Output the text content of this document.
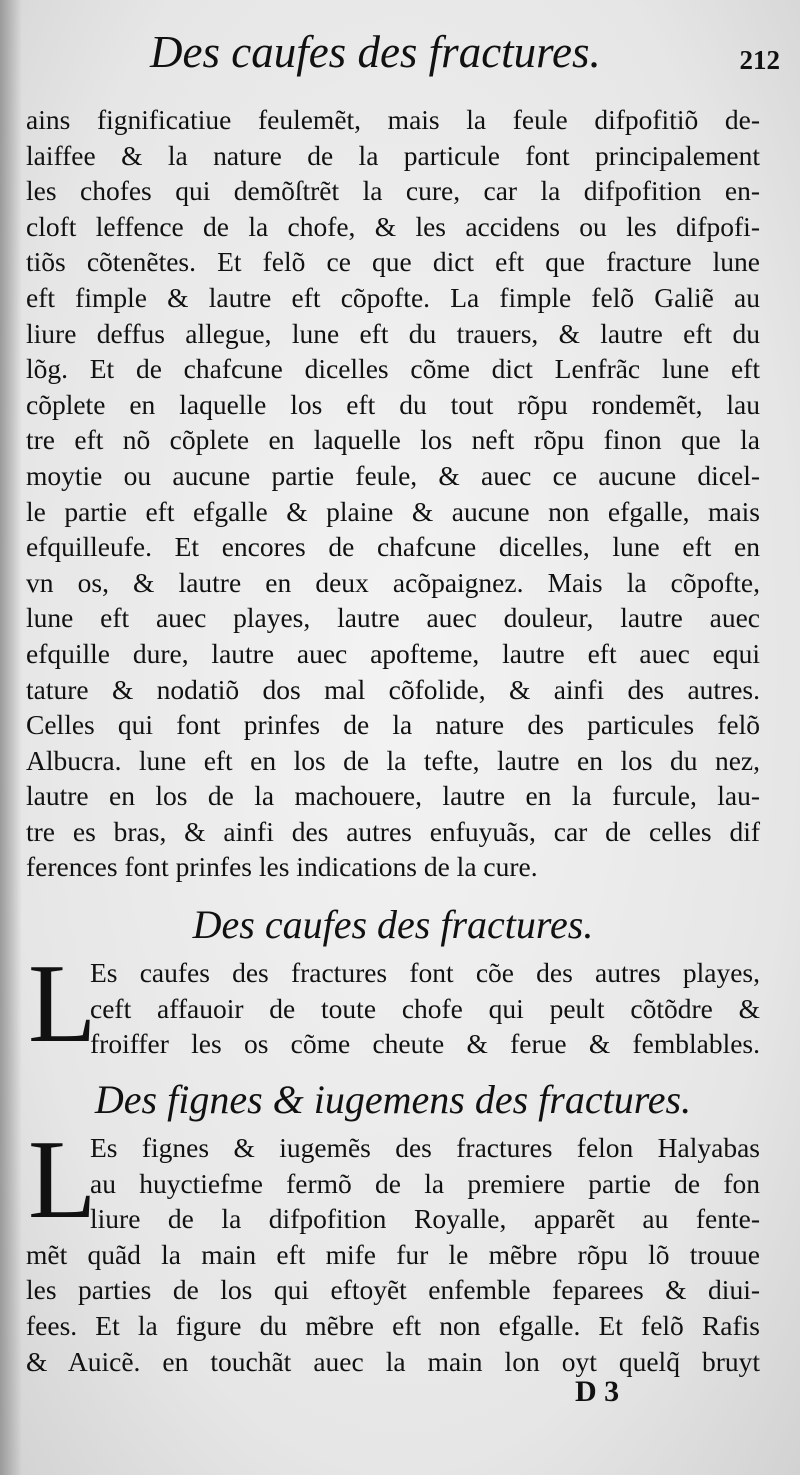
Des caufes des fractures.	212
ains fignificatiue feulemẽt, mais la feule difpofitiõ de-
laiffee & la nature de la particule font principalement
les chofes qui demõſtrẽt la cure, car la difpofition en-
cloft leffence de la chofe, & les accidens ou les difpofi-
tiõs cõtenẽtes. Et felõ ce que dict eft que fracture lune
eft fimple & lautre eft cõpofte. La fimple felõ Galiẽ au
liure deffus allegue, lune eft du trauers, & lautre eft du
lõg. Et de chafcune dicelles cõme dict Lenfrãc lune eft
cõplete en laquelle los eft du tout rõpu rondemẽt, lau
tre eft nõ cõplete en laquelle los neft rõpu finon que la
moytie ou aucune partie feule, & auec ce aucune dicel-
le partie eft efgalle & plaine & aucune non efgalle, mais
efquilleufe. Et encores de chafcune dicelles, lune eft en
vn os, & lautre en deux acõpaignez. Mais la cõpofte,
lune eft auec playes, lautre auec douleur, lautre auec
efquille dure, lautre auec apofteme, lautre eft auec equi
tature & nodatiõ dos mal cõfolide, & ainfi des autres.
Celles qui font prinfes de la nature des particules felõ
Albucra. lune eft en los de la tefte, lautre en los du nez,
lautre en los de la machouere, lautre en la furcule, lau-
tre es bras, & ainfi des autres enfuyuãs, car de celles dif
ferences font prinfes les indications de la cure.
Des caufes des fractures.
L
Es caufes des fractures font cõe des autres playes,
ceft affauoir de toute chofe qui peult cõtõdre &
froiffer les os cõme cheute & ferue & femblables.
Des fignes & iugemens des fractures.
L
Es fignes & iugemẽs des fractures felon Halyabas
au huyctiefme fermõ de la premiere partie de fon
liure de la difpofition Royalle, apparẽt au fente-
mẽt quãd la main eft mife fur le mẽbre rõpu lõ trouue
les parties de los qui eftoyẽt enfemble feparees & diui-
fees. Et la figure du mẽbre eft non efgalle. Et felõ Rafis
& Auicẽ. en touchãt auec la main lon oyt quelq̃ bruyt
D 3
